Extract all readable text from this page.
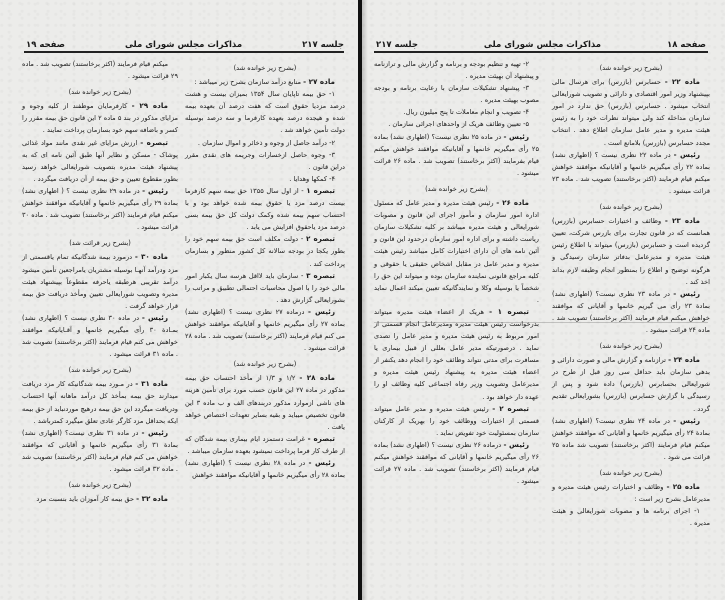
جلسه ۲۱۷
مذاکرات مجلس شورای ملی
صفحه ۱۹

(بشرح زیر خوانده شد)

ماده ۲۷ - منابع درآمد سازمان بشرح زیر میباشد :

۱- حق بیمه تاپایان سال ۱۳۵۴ بمیزان بیست و هشت درصد مزدیا حقوق است که هفت درصد آن بعهده بیمه شده و هیجده درصد بعهده کارفرما و سه درصد بوسیله دولت تأمین خواهد شد .

۲- درآمد حاصل از وجوه و ذخائر و اموال سازمان .

۳- وجوه حاصل ازخسارات وجریمه های نقدی مقرر دراین قانون .

۴- کمکها وهدایا .

تبصره ۱ - از اول سال ۱۳۵۵ حق بیمه سهم کارفرما بیست درصد مزد یا حقوق بیمه شده خواهد بود و با احتساب سهم بیمه شده وکمک دولت کل حق بیمه بسی درصد مزد یاحقوق افزایش می یابد .

تبصره ۲ - دولت مکلف است حق بیمه سهم خود را بطور یکجا در بودجه سالانه کل کشور منظور و بسازمان پرداخت کند .

تبصره ۳ - سازمان باید لااقل هرسه سال یکبار امور مالی خود را با اصول محاسبات احتمالی تطبیق و مراتب را بشورایعالی گزارش دهد .

رئیس - درماده ۲۷ نظری نیست ؟ (اظهاری نشد) بماده ۲۷ رأی میگیریم خانمها و آقایانیکه موافقند خواهش می کنم قیام فرمایند (اکثر برخاستند) تصویب شد . ماده ۲۸ قرائت میشود .

(بشرح زیر خوانده شد)

ماده ۲۸ - ۱/۲ و ۱/۳ از مأخذ احتساب حق بیمه مذکور در ماده ۲۷ این قانون حسب مورد برای تأمین هزینه های ناشی ازموارد مذکور دربندهای الف و ب ماده ۳ این قانون تخصیص میباید و بقیه بسایر تعهدات اختصاص خواهد یافت .

تبصره - غرامت دستمزد ایام بیماری بیمه شدگان که از طرف کار فرما پرداخت نمیشود بعهده سازمان میباشد .

رئیس - در ماده ۲۸ نظری نیست ؟ (اظهاری نشد) بماده ۲۸ رأی میگیریم خانمها و آقایانیکه موافقند خواهش

میکنم قیام فرمایند (اکثر برخاستند) تصویب شد . ماده ۲۹ قرائت میشود .

(بشرح زیر خوانده شد)

ماده ۲۹ - کارفرمایان موظفند از کلیه وجوه و مزایای مذکور در بند ۵ ماده ۲ این قانون حق بیمه مقرر را کسر و باضافه سهم خود بسازمان پرداخت نمایند .

تبصره - ارزش مزایای غیر نقدی مانند مواد غذائی پوشاک - مسکن و نظایر آنها طبق آئین نامه ای که به پیشنهاد هیئت مدیره بتصویب شورایعالی خواهد رسید بطور مقطوع تعیین و حق بیمه از آن دریافت میگردد .

رئیس - در ماده ۲۹ نظری نیست ؟ ( اظهاری نشد) بماده ۲۹ رأی میگیریم خانمها و آقایانیکه موافقند خواهش میکنم قیام فرمایند (اکثر برخاستند) تصویب شد . ماده ۳۰ قرائت میشود .

(بشرح زیر قرائت شد)

ماده ۳۰ - درمورد بیمه شدگانیکه تمام یاقسمتی از مزد ودرآمد آنهـا بوسیله مشتریان یامراجعین تأمین میشود درآمد تقریبی هرطبقه یاحرفه مقطوعاً بپیشنهاد هیئت مدیره وتصویب شورایعالی تعیین ومأخذ دریافت حق بیمه قرار خواهد گرفت .

رئیس - در ماده ۳۰ نظری نیست ؟ (اظهاری نشد) بمـادة ۳۰ رأی میگیریم خانمها و آقـایانیکه موافقند خواهش می کنم قیام فرمایند (اکثر برخاستند) تصویب شد . ماده ۳۱ قرائت میشود .

(بشرح زیر خوانده شد)

ماده ۳۱ - در مـورد بیمه شدگانیکه کار مزد دریافت میدارند حق بیمه بمأخذ کل درآمد ماهانه آنها احتساب ودریافت میگردد این حق بیمه درهیچ موردنباید از حق بیمه ایکه بحداقل مزد کارگر عادی تعلق میگیرد کمترباشد .

رئیس - در ماده ۳۱ نظری نیست؟ (اظهاری نشد) بمادة ۳۱ رأی میگیریم خانمها و آقایانی که موافقند خواهش می کنم قیام فرمایند (اکثر برخاستند) تصویب شد . ماده ۳۲ قرائت میشود .

(بشرح زیر خوانده شد)

ماده ۳۲ - حق بیمه کار آموزان باید بنسبت مزد

صفحه ۱۸
مذاکرات مجلس شورای ملی
جلسه ۲۱۷

(بشرح زیر خوانده شد)

ماده ۲۲ - حسابرس (بازرس) برای هرسال مالی بپیشنهاد وزیر امور اقتصادی و دارائی و تصویب شورایعالی انتخاب میشود . حسابرس (بازرس) حق ندارد در امور سازمان مداخله کند ولی میتواند نظرات خود را به رئیس هیئت مدیره و مدیر عامل سازمان اطلاع دهد . انتخاب مجدد حسابرس (بازرس) بلامانع است .

رئیس - در ماده ۲۲ نظری نیست ؟ (اظهاری نشد) بماده ۲۲ رأی میگیریم خانمها و آقایانیکه موافقند خواهش میکنم قیام فرمایند (اکثر برخاستند) تصویب شد . ماده ۲۳ قرائت میشود .

(بشرح زیر خوانده شد)

ماده ۲۳ - وظائف و اختیارات حسابرس (بازرس) همانست که در قانون تجارت برای بازرس شرکت، تعیین گردیده است و حسابرس (بازرس) میتواند با اطلاع رئیس هیئت مدیره و مدیرعامل بدفاتر سازمان رسیدگی و هرگونه توضیح و اطلاع را بمنظور انجام وظیفه لازم بداند اخذ کند .

رئیس - در ماده ۲۳ نظری نیست؟ (اظهاری نشد) بمادة ۲۳ رأی می گیریم خانمها و آقایانی که موافقند خواهش میکنم قیام فرمایند (اکثر برخاستند) تصویب شد . ماده ۲۴ قرائت میشود .

(بشرح زیر خوانده شد)

ماده ۲۴ - ترازنامه و گزارش مالی و صورت دارائی و بدهی سازمان باید حداقل سی روز قبل از طرح در شورایعالی بحسابرس (بازرس) داده شود و پس از رسیدگی با گزارش حسابرس (بازرس) بشورایعالی تقدیم گردد .

رئیس - در ماده ۲۴ نظری نیست؟ (اظهاری نشد) بمادة ۲۴ رأی میگیریم خانمها و آقایانی که موافقند خواهش میکنم قیام فرمایند (اکثر برخاستند) تصویب شد ماده ۲۵ قرائت می شود .

(بشرح زیر خوانده شد)

ماده ۲۵ - وظائف و اختیارات رئیس هیئت مدیره و مدیرعامل بشرح زیر است :

۱- اجرای برنامه ها و مصوبات شورایعالی و هیئت مدیره .

۲- تهیه و تنظیم بودجه و برنامه و گزارش مالی و ترازنامه و پیشنهاد آن بهیئت مدیره .

۳- پیشنهاد تشکیلات سازمان با رعایت برنامه و بودجه مصوب بهیئت مدیره .

۴- تصویب و انجام معاملات تا پنج میلیون ریال.

۵- تعیین وظائف هریک از واحدهای اجرائی سازمان .

رئیس - در ماده ۲۵ نظری نیست؟ (اظهاری نشد) بماده ۲۵ رأی میگیریم خانمها و آقایانیکه موافقند خواهش میکنم قیام بفرمایند (اکثر برخاستند) تصویب شد . ماده ۲۶ قرائت میشود .

(بشرح زیر خوانده شد)

ماده ۲۶ - رئیس هیئت مدیره و مدیر عامل که مسئول اداره امور سازمان و مأمور اجرای این قانون و مصوبات شورایعالی و هیئت مدیره میباشد بر کلیه تشکیلات سازمان ریاست داشته و برای اداره امور سازمان درحدود این قانون و آئین نامه های آن دارای اختیارات کامل میباشد رئیس هیئت مدیره و مدیر عامل در مقابل اشخاص حقیقی یا حقوقی و کلیه مراجع قانونی نماینده سازمان بوده و میتواند این حق را شخصاً یا بوسیله وکلا و نمایندگانیکه تعیین میکند اعمال نماید .

تبصره ۱ - هریک از اعضاء هیئت مدیره میتواند بدرخواست رئیس هیئت مدیره ومدیرعامل انجام قسمتی از امور مربوط به رئیس هیئت مدیره و مدیر عامل را تصدی نماید . درصورتیکه مدیر عامل بعللی از قبیل بیماری یا مسافرت برای مدتی نتواند وظائف خود را انجام دهد یکنفر از اعضاء هیئت مدیره به پیشنهاد رئیس هیئت مدیره و مدیرعامل وتصویب وزیر رفاه اجتماعی کلیه وظائف او را عهده دار خواهد بود .

تبصره ۲ - رئیس هیئت مدیره و مدیر عامل میتواند قسمتی از اختیارات ووظائف خود را بهریک از کارکنان سازمان بمسئولیت خود تفویض نماید .

رئیس - درماده ۲۶ نظری نیست ؟ (اظهاری نشد) بماده ۲۶ رأی میگیریم خانمها و آقایانی که موافقند خواهش میکنم قیام فرمایند (اکثر برخاستند) تصویب شد . ماده ۲۷ قرائت میشود .
